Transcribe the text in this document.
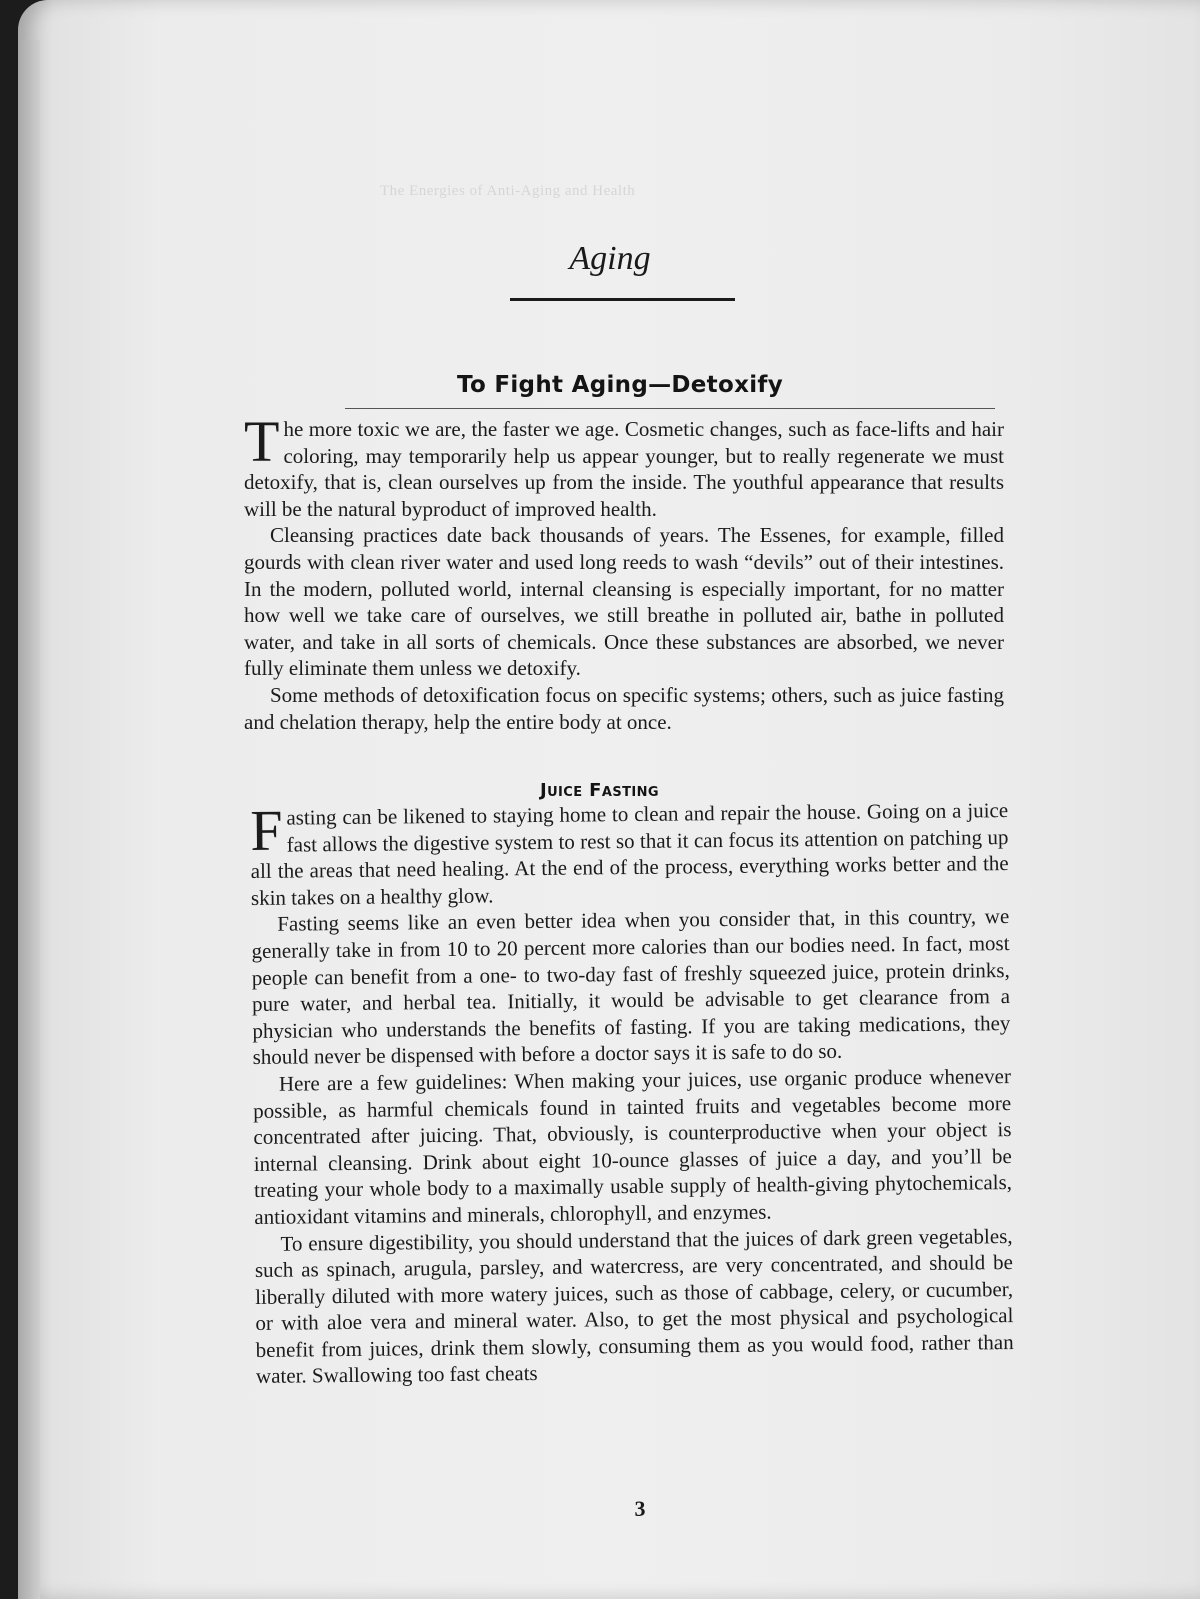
The Energies of Anti-Aging and Health
Aging
To Fight Aging—Detoxify

The more toxic we are, the faster we age. Cosmetic changes, such as face-lifts and hair coloring, may temporarily help us appear younger, but to really regenerate we must detoxify, that is, clean ourselves up from the inside. The youthful appearance that results will be the natural byproduct of improved health.

Cleansing practices date back thousands of years. The Essenes, for example, filled gourds with clean river water and used long reeds to wash “devils” out of their intestines. In the modern, polluted world, internal cleansing is especially important, for no matter how well we take care of ourselves, we still breathe in polluted air, bathe in polluted water, and take in all sorts of chemicals. Once these substances are absorbed, we never fully eliminate them unless we detoxify.

Some methods of detoxification focus on specific systems; others, such as juice fasting and chelation therapy, help the entire body at once.

Juice Fasting

Fasting can be likened to staying home to clean and repair the house. Going on a juice fast allows the digestive system to rest so that it can focus its attention on patching up all the areas that need healing. At the end of the process, everything works better and the skin takes on a healthy glow.

Fasting seems like an even better idea when you consider that, in this country, we generally take in from 10 to 20 percent more calories than our bodies need. In fact, most people can benefit from a one- to two-day fast of freshly squeezed juice, protein drinks, pure water, and herbal tea. Initially, it would be advisable to get clearance from a physician who understands the benefits of fasting. If you are taking medications, they should never be dispensed with before a doctor says it is safe to do so.

Here are a few guidelines: When making your juices, use organic produce whenever possible, as harmful chemicals found in tainted fruits and vegetables become more concentrated after juicing. That, obviously, is counterproductive when your object is internal cleansing. Drink about eight 10-ounce glasses of juice a day, and you’ll be treating your whole body to a maximally usable supply of health-giving phytochemicals, antioxidant vitamins and minerals, chlorophyll, and enzymes.

To ensure digestibility, you should understand that the juices of dark green vegetables, such as spinach, arugula, parsley, and watercress, are very concentrated, and should be liberally diluted with more watery juices, such as those of cabbage, celery, or cucumber, or with aloe vera and mineral water. Also, to get the most physical and psychological benefit from juices, drink them slowly, consuming them as you would food, rather than water. Swallowing too fast cheats

3
